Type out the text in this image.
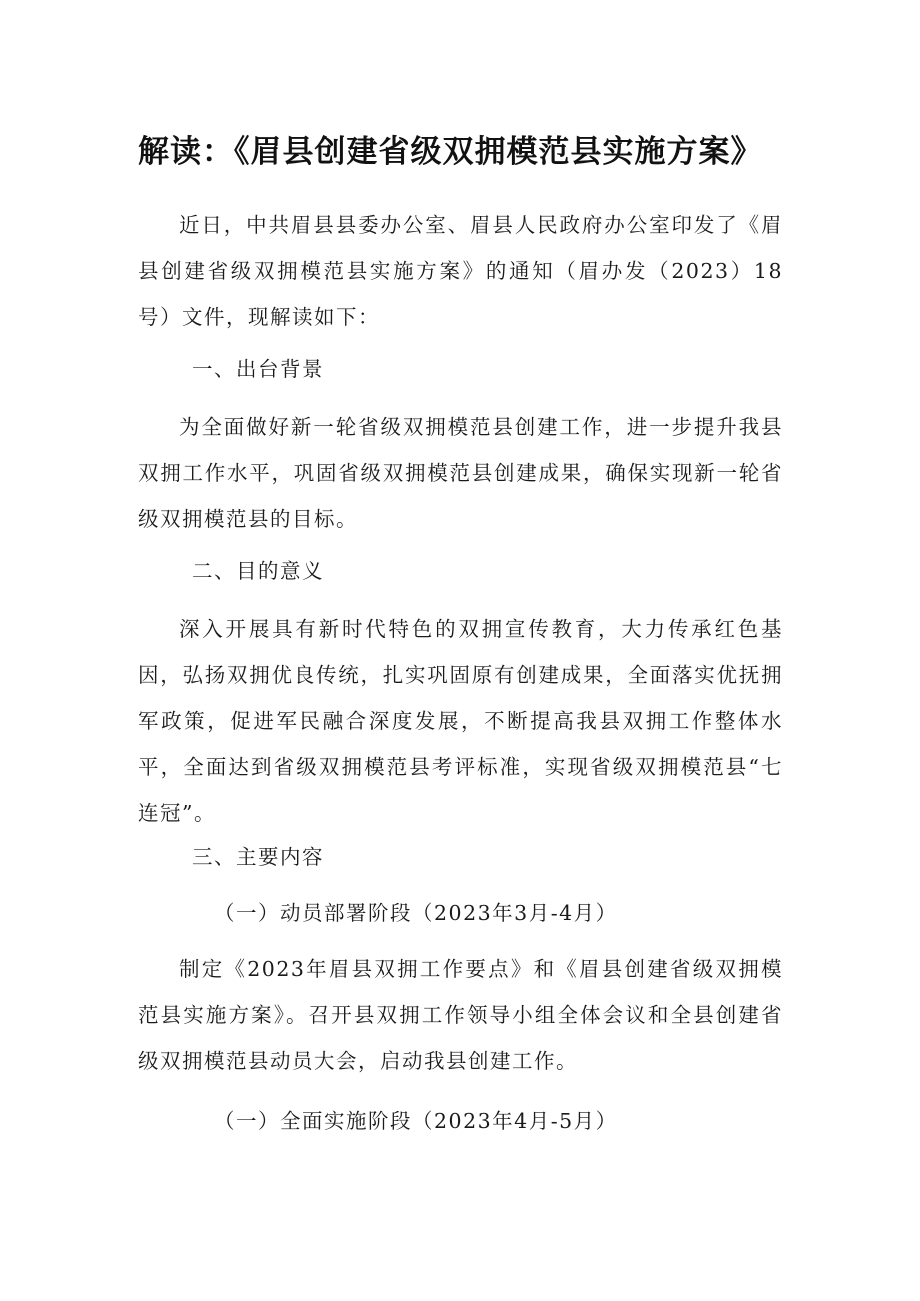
解读：《眉县创建省级双拥模范县实施方案》

近日，中共眉县县委办公室、眉县人民政府办公室印发了《眉县创建省级双拥模范县实施方案》的通知（眉办发（2023）18号）文件，现解读如下：

一、出台背景

为全面做好新一轮省级双拥模范县创建工作，进一步提升我县双拥工作水平，巩固省级双拥模范县创建成果，确保实现新一轮省级双拥模范县的目标。

二、目的意义

深入开展具有新时代特色的双拥宣传教育，大力传承红色基因，弘扬双拥优良传统，扎实巩固原有创建成果，全面落实优抚拥军政策，促进军民融合深度发展，不断提高我县双拥工作整体水平，全面达到省级双拥模范县考评标准，实现省级双拥模范县“七连冠”。

三、主要内容

（一）动员部署阶段（2023年3月-4月）

制定《2023年眉县双拥工作要点》和《眉县创建省级双拥模范县实施方案》。召开县双拥工作领导小组全体会议和全县创建省级双拥模范县动员大会，启动我县创建工作。

（一）全面实施阶段（2023年4月-5月）
